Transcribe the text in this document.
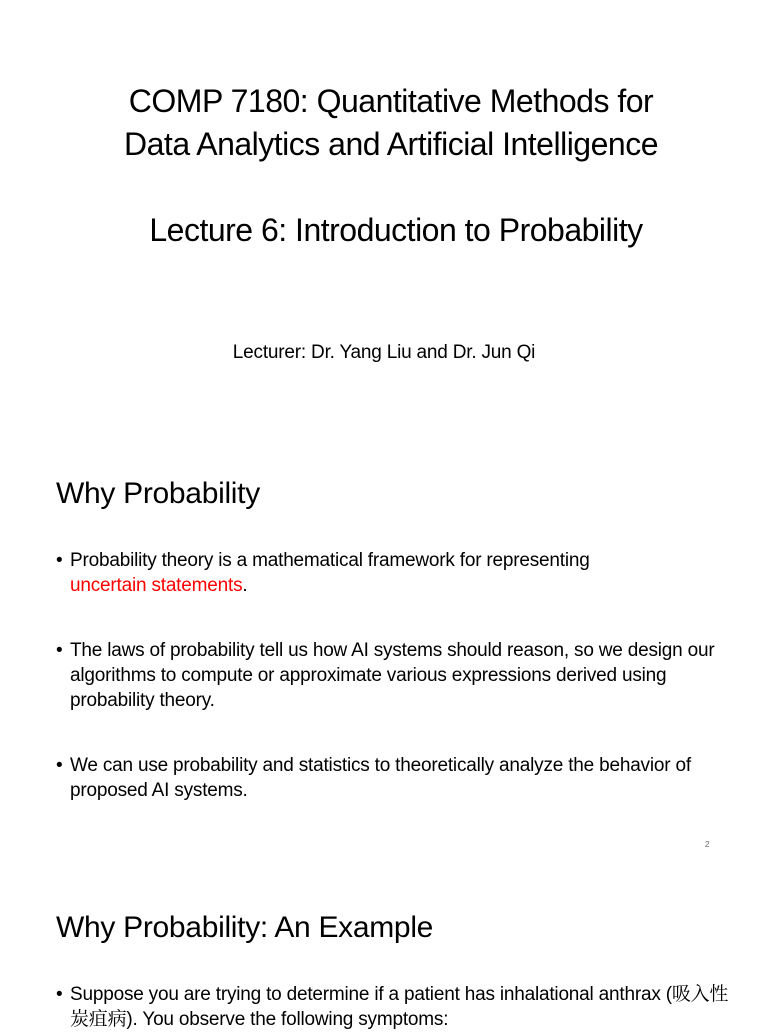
COMP 7180: Quantitative Methods for
Data Analytics and Artificial Intelligence
Lecture 6: Introduction to Probability
Lecturer: Dr. Yang Liu and Dr. Jun Qi
Why Probability
• Probability theory is a mathematical framework for representing
uncertain statements.
• The laws of probability tell us how AI systems should reason, so we design our algorithms to compute or approximate various expressions derived using probability theory.
• We can use probability and statistics to theoretically analyze the behavior of proposed AI systems.
2
Why Probability: An Example
• Suppose you are trying to determine if a patient has inhalational anthrax (吸入性炭疽病). You observe the following symptoms:
